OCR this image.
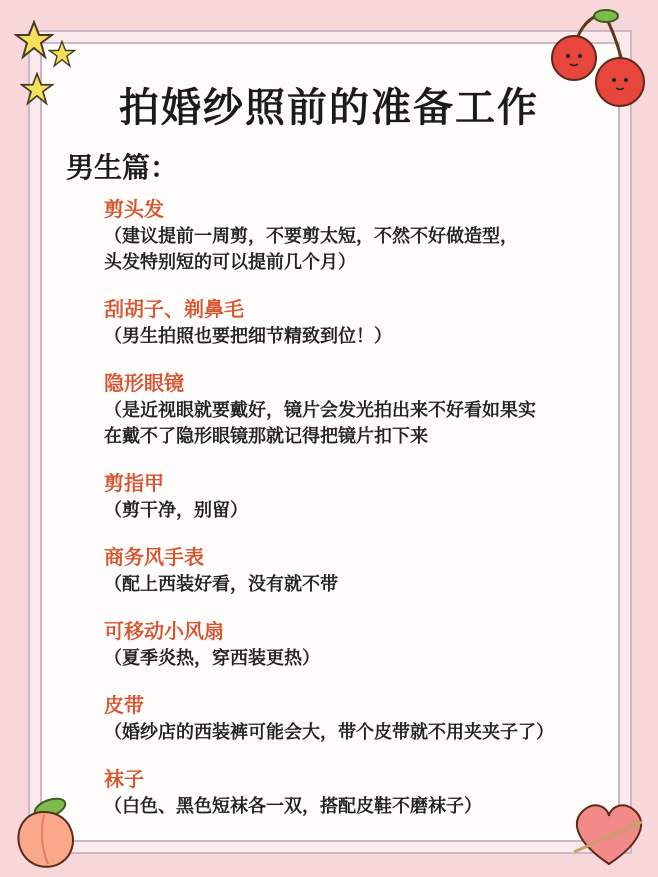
拍婚纱照前的准备工作
男生篇：
剪头发
（建议提前一周剪，不要剪太短，不然不好做造型，
头发特别短的可以提前几个月）
刮胡子、剃鼻毛
（男生拍照也要把细节精致到位！）
隐形眼镜
（是近视眼就要戴好，镜片会发光拍出来不好看如果实
在戴不了隐形眼镜那就记得把镜片扣下来
剪指甲
（剪干净，别留）
商务风手表
（配上西装好看，没有就不带
可移动小风扇
（夏季炎热，穿西装更热）
皮带
（婚纱店的西装裤可能会大，带个皮带就不用夹夹子了）
袜子
（白色、黑色短袜各一双，搭配皮鞋不磨袜子）
